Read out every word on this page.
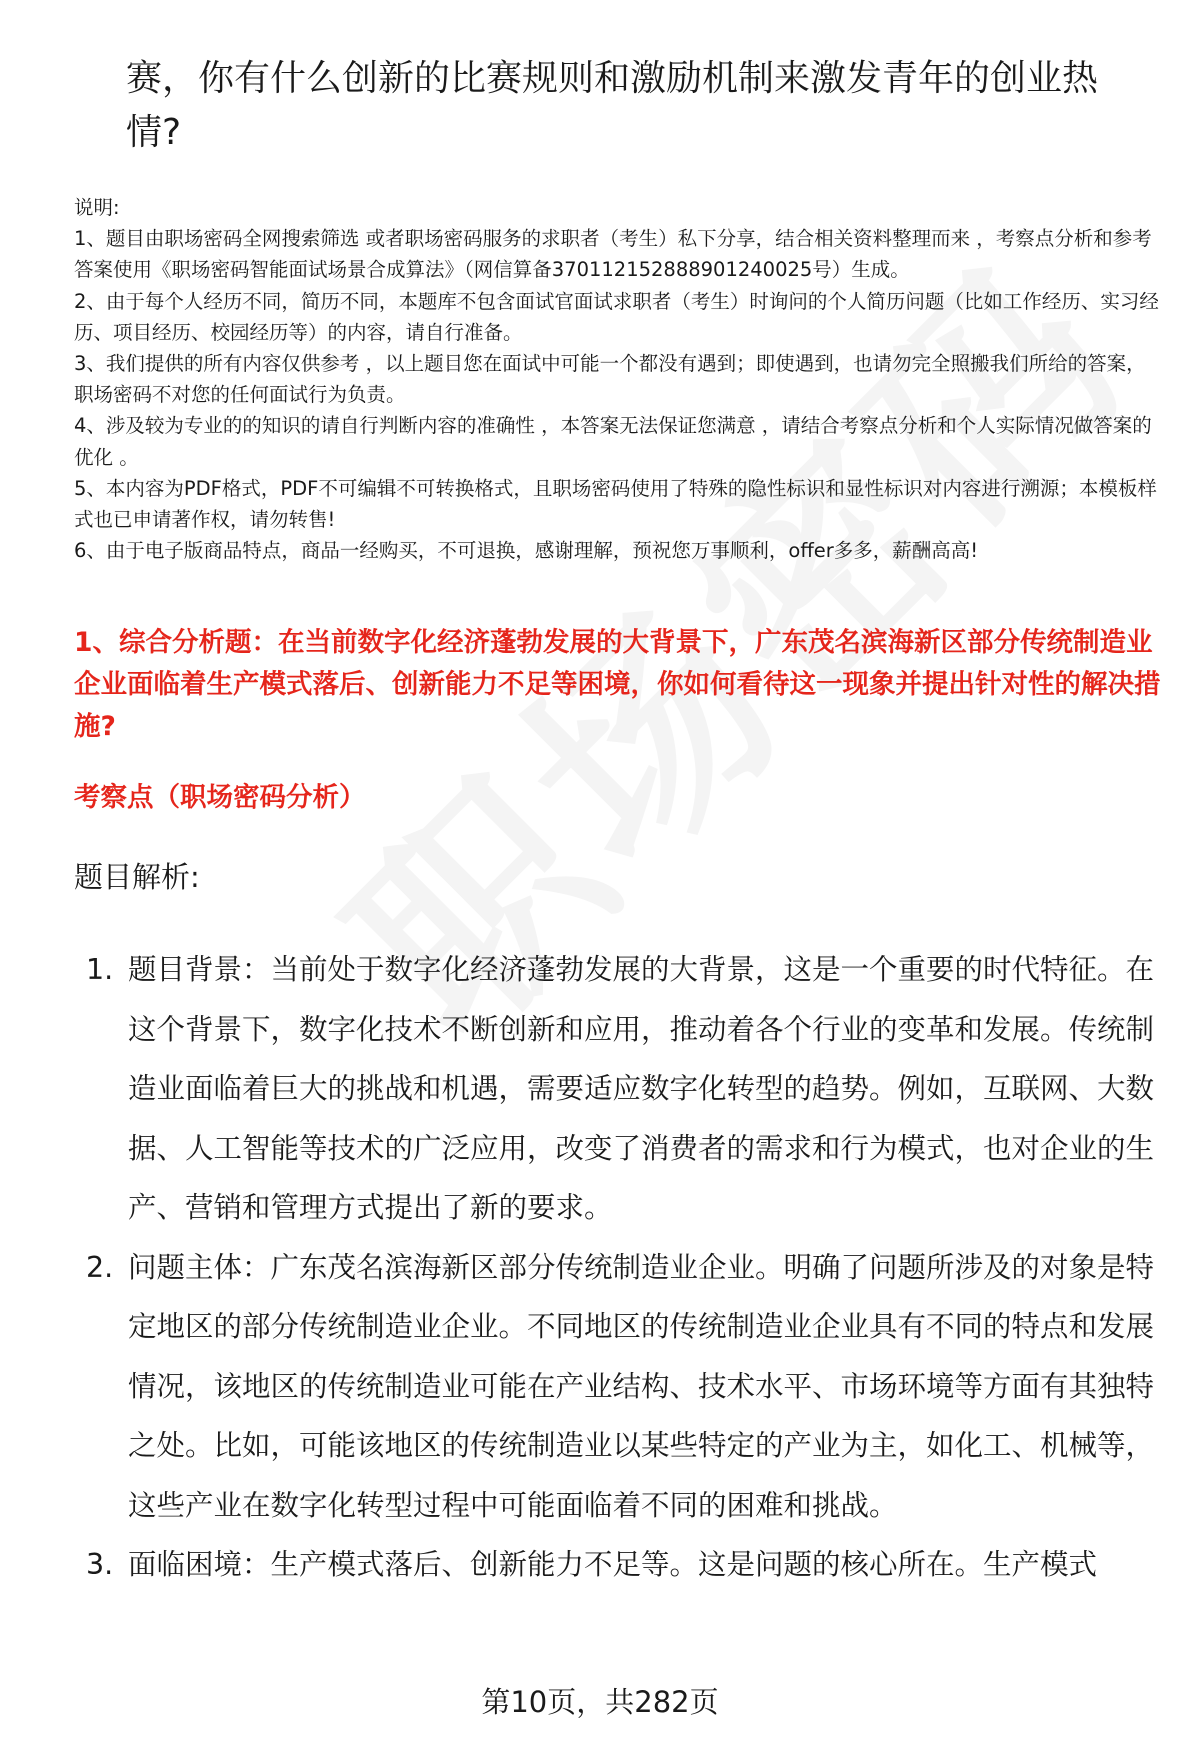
赛，你有什么创新的比赛规则和激励机制来激发青年的创业热情?

说明:

1、题目由职场密码全网搜索筛选 或者职场密码服务的求职者（考生）私下分享，结合相关资料整理而来 ，考察点分析和参考答案使用《职场密码智能面试场景合成算法》（网信算备370112152888901240025号）生成。

2、由于每个人经历不同，简历不同，本题库不包含面试官面试求职者（考生）时询问的个人简历问题（比如工作经历、实习经历、项目经历、校园经历等）的内容，请自行准备。

3、我们提供的所有内容仅供参考 ，以上题目您在面试中可能一个都没有遇到；即使遇到，也请勿完全照搬我们所给的答案，职场密码不对您的任何面试行为负责。

4、涉及较为专业的的知识的请自行判断内容的准确性 ，本答案无法保证您满意 ，请结合考察点分析和个人实际情况做答案的优化 。

5、本内容为PDF格式，PDF不可编辑不可转换格式，且职场密码使用了特殊的隐性标识和显性标识对内容进行溯源；本模板样式也已申请著作权，请勿转售!

6、由于电子版商品特点，商品一经购买，不可退换，感谢理解，预祝您万事顺利，offer多多，薪酬高高!

1、综合分析题：在当前数字化经济蓬勃发展的大背景下，广东茂名滨海新区部分传统制造业企业面临着生产模式落后、创新能力不足等困境，你如何看待这一现象并提出针对性的解决措施?
考察点（职场密码分析）
题目解析:
1. 题目背景：当前处于数字化经济蓬勃发展的大背景，这是一个重要的时代特征。在这个背景下，数字化技术不断创新和应用，推动着各个行业的变革和发展。传统制造业面临着巨大的挑战和机遇，需要适应数字化转型的趋势。例如，互联网、大数据、人工智能等技术的广泛应用，改变了消费者的需求和行为模式，也对企业的生产、营销和管理方式提出了新的要求。
2. 问题主体：广东茂名滨海新区部分传统制造业企业。明确了问题所涉及的对象是特定地区的部分传统制造业企业。不同地区的传统制造业企业具有不同的特点和发展情况，该地区的传统制造业可能在产业结构、技术水平、市场环境等方面有其独特之处。比如，可能该地区的传统制造业以某些特定的产业为主，如化工、机械等，这些产业在数字化转型过程中可能面临着不同的困难和挑战。
3. 面临困境：生产模式落后、创新能力不足等。这是问题的核心所在。生产模式
第10页，共282页
